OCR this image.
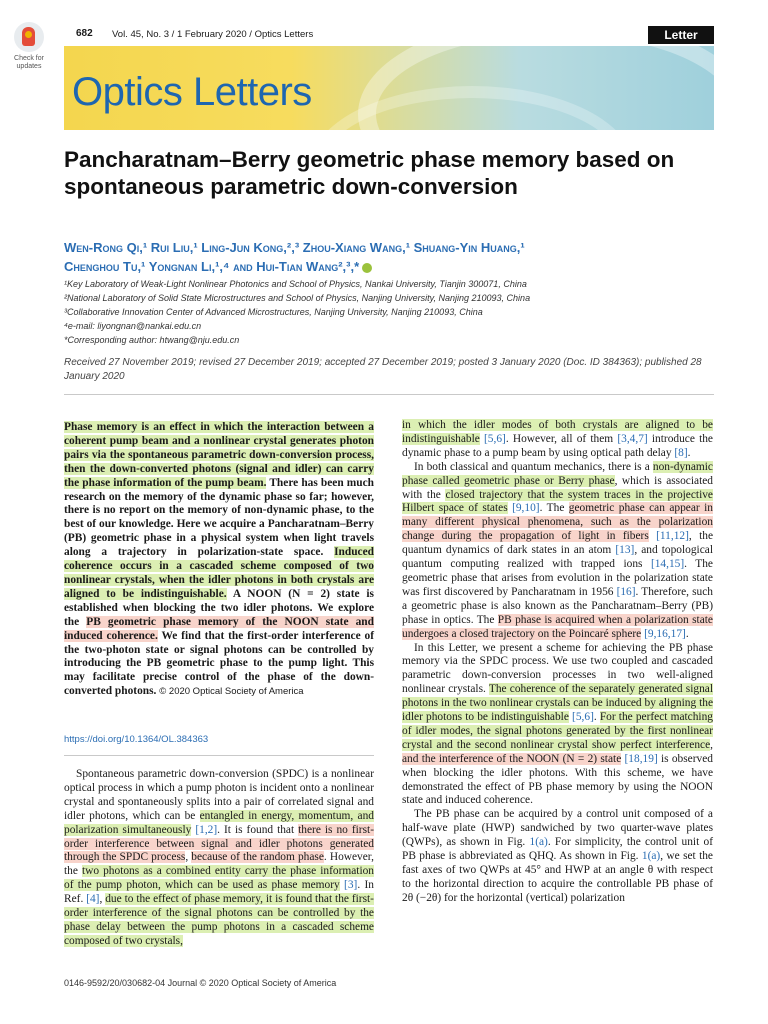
Check for updates
682 Vol. 45, No. 3 / 1 February 2020 / Optics Letters	Letter
Optics Letters
Pancharatnam–Berry geometric phase memory based on spontaneous parametric down-conversion
Wen-Rong Qi,¹ Rui Liu,¹ Ling-Jun Kong,²,³ Zhou-Xiang Wang,¹ Shuang-Yin Huang,¹
Chenghou Tu,¹ Yongnan Li,¹,⁴ and Hui-Tian Wang²,³,*
¹Key Laboratory of Weak-Light Nonlinear Photonics and School of Physics, Nankai University, Tianjin 300071, China
²National Laboratory of Solid State Microstructures and School of Physics, Nanjing University, Nanjing 210093, China
³Collaborative Innovation Center of Advanced Microstructures, Nanjing University, Nanjing 210093, China
⁴e-mail: liyongnan@nankai.edu.cn
*Corresponding author: htwang@nju.edu.cn
Received 27 November 2019; revised 27 December 2019; accepted 27 December 2019; posted 3 January 2020 (Doc. ID 384363); published 28 January 2020
Phase memory is an effect in which the interaction between a coherent pump beam and a nonlinear crystal generates photon pairs via the spontaneous parametric down-conversion process, then the down-converted photons (signal and idler) can carry the phase information of the pump beam. There has been much research on the memory of the dynamic phase so far; however, there is no report on the memory of non-dynamic phase, to the best of our knowledge. Here we acquire a Pancharatnam–Berry (PB) geometric phase in a physical system when light travels along a trajectory in polarization-state space. Induced coherence occurs in a cascaded scheme composed of two nonlinear crystals, when the idler photons in both crystals are aligned to be indistinguishable. A NOON (N = 2) state is established when blocking the two idler photons. We explore the PB geometric phase memory of the NOON state and induced coherence. We find that the first-order interference of the two-photon state or signal photons can be controlled by introducing the PB geometric phase to the pump light. This may facilitate precise control of the phase of the down-converted photons. © 2020 Optical Society of America
https://doi.org/10.1364/OL.384363

Spontaneous parametric down-conversion (SPDC) is a nonlinear optical process in which a pump photon is incident onto a nonlinear crystal and spontaneously splits into a pair of correlated signal and idler photons, which can be entangled in energy, momentum, and polarization simultaneously [1,2]. It is found that there is no first-order interference between signal and idler photons generated through the SPDC process, because of the random phase. However, the two photons as a combined entity carry the phase information of the pump photon, which can be used as phase memory [3]. In Ref. [4], due to the effect of phase memory, it is found that the first-order interference of the signal photons can be controlled by the phase delay between the pump photons in a cascaded scheme composed of two crystals,

in which the idler modes of both crystals are aligned to be indistinguishable [5,6]. However, all of them [3,4,7] introduce the dynamic phase to a pump beam by using optical path delay [8].

In both classical and quantum mechanics, there is a non-dynamic phase called geometric phase or Berry phase, which is associated with the closed trajectory that the system traces in the projective Hilbert space of states [9,10]. The geometric phase can appear in many different physical phenomena, such as the polarization change during the propagation of light in fibers [11,12], the quantum dynamics of dark states in an atom [13], and topological quantum computing realized with trapped ions [14,15]. The geometric phase that arises from evolution in the polarization state was first discovered by Pancharatnam in 1956 [16]. Therefore, such a geometric phase is also known as the Pancharatnam–Berry (PB) phase in optics. The PB phase is acquired when a polarization state undergoes a closed trajectory on the Poincaré sphere [9,16,17].

In this Letter, we present a scheme for achieving the PB phase memory via the SPDC process. We use two coupled and cascaded parametric down-conversion processes in two well-aligned nonlinear crystals. The coherence of the separately generated signal photons in the two nonlinear crystals can be induced by aligning the idler photons to be indistinguishable [5,6]. For the perfect matching of idler modes, the signal photons generated by the first nonlinear crystal and the second nonlinear crystal show perfect interference, and the interference of the NOON (N = 2) state [18,19] is observed when blocking the idler photons. With this scheme, we have demonstrated the effect of PB phase memory by using the NOON state and induced coherence.

The PB phase can be acquired by a control unit composed of a half-wave plate (HWP) sandwiched by two quarter-wave plates (QWPs), as shown in Fig. 1(a). For simplicity, the control unit of PB phase is abbreviated as QHQ. As shown in Fig. 1(a), we set the fast axes of two QWPs at 45° and HWP at an angle θ with respect to the horizontal direction to acquire the controllable PB phase of 2θ (−2θ) for the horizontal (vertical) polarization

0146-9592/20/030682-04 Journal © 2020 Optical Society of America
